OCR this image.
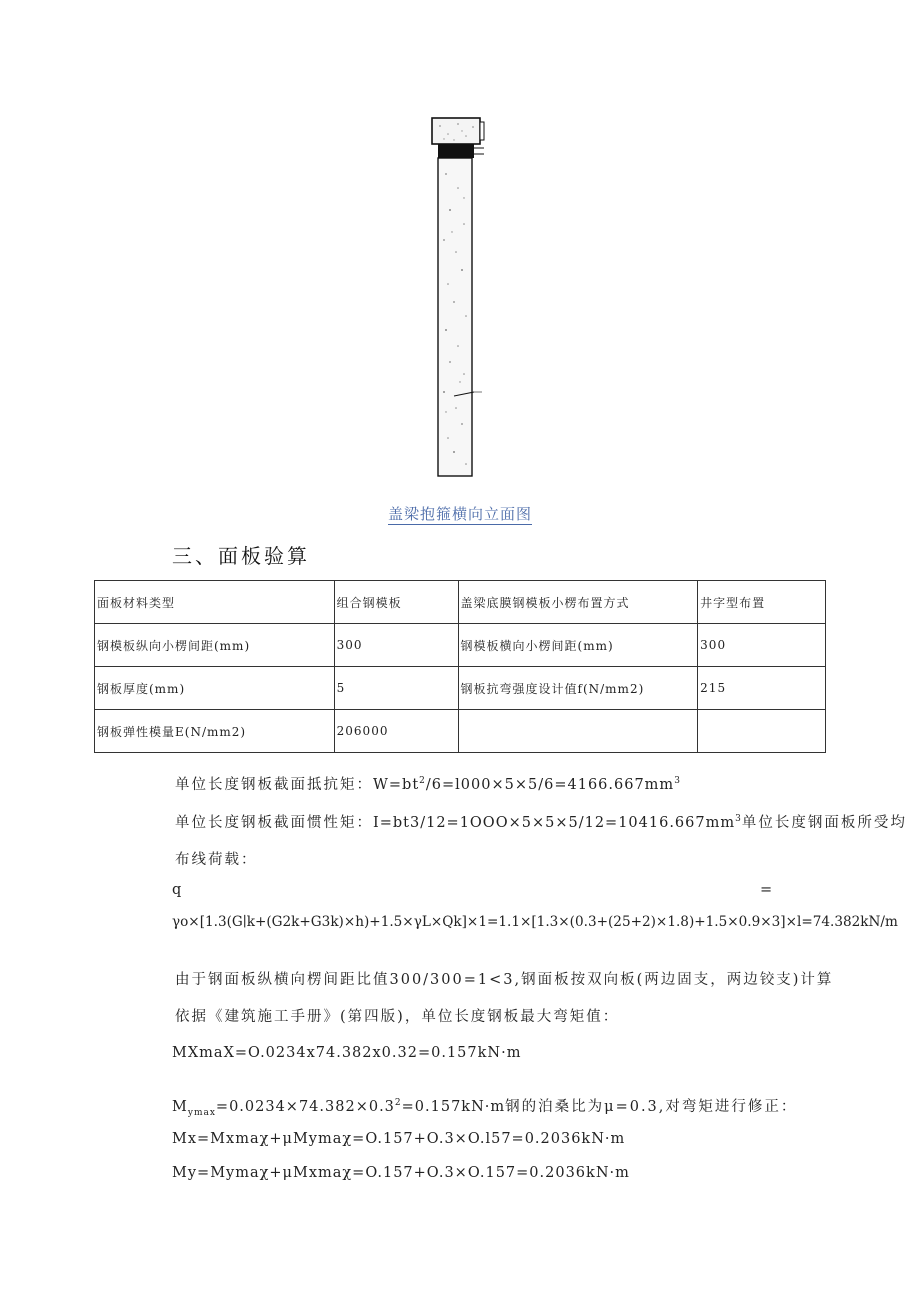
盖梁抱箍横向立面图
三、面板验算
面板材料类型	组合钢模板	盖梁底膜钢模板小楞布置方式	井字型布置
钢模板纵向小楞间距(mm)	300	钢模板横向小楞间距(mm)	300
钢板厚度(mm)	5	钢板抗弯强度设计值f(N/mm2)	215
钢板弹性模量E(N/mm2)	206000		
单位长度钢板截面抵抗矩：$W=bt^2/6=l000\times 5\times 5/6=4166.667mm^3$
单位长度钢板截面惯性矩：$I=bt3/12=1OOO\times 5\times 5\times 5/12=10416.667mm^3$单位长度钢面板所受均
布线荷载：
q	=
γo×[1.3(G∣k+(G2k+G3k)×h)+1.5×γL×Qk]×1=1.1×[1.3×(0.3+(25+2)×1.8)+1.5×0.9×3]×l=74.382kN/m
由于钢面板纵横向楞间距比值300/300=1<3,钢面板按双向板(两边固支，两边铰支)计算
依据《建筑施工手册》(第四版)，单位长度钢板最大弯矩值：
MXmaX=O.0234x74.382x0.32=0.157kN·m
$M_{ymax}=0.0234\times 74.382\times 0.3^2=0.157kN\cdot m$钢的泊桑比为μ=0.3,对弯矩进行修正：
Mx=Mxmaχ+μMymaχ=O.157+O.3×O.l57=0.2036kN·m
My=Mymaχ+μMxmaχ=O.157+O.3×O.157=0.2036kN·m
